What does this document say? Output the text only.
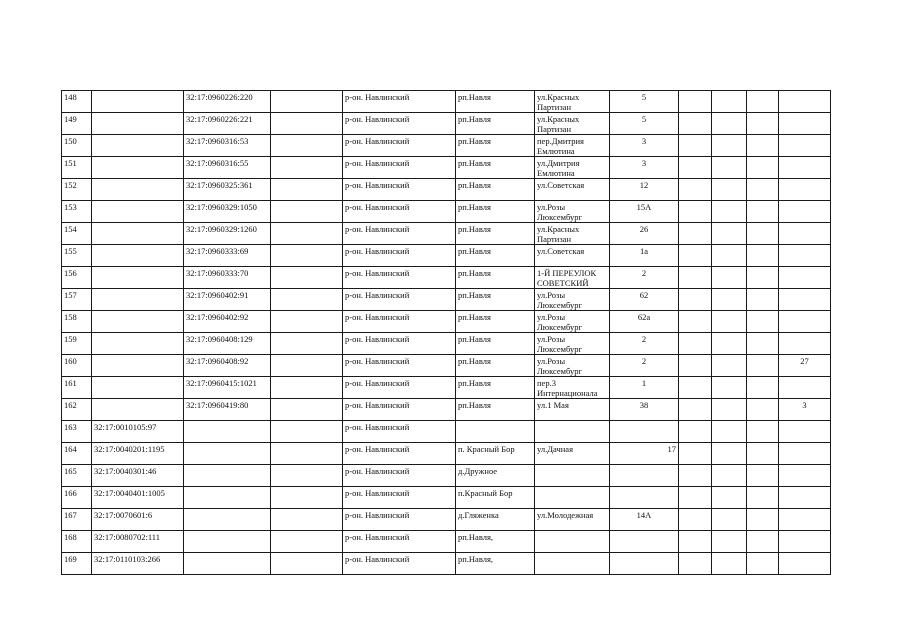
148		32:17:0960226:220		р-он. Навлинский	рп.Навля	ул.Красных Партизан	5				
149		32:17:0960226:221		р-он. Навлинский	рп.Навля	ул.Красных Партизан	5				
150		32:17:0960316:53		р-он. Навлинский	рп.Навля	пер.Дмитрия Емлютина	3				
151		32:17:0960316:55		р-он. Навлинский	рп.Навля	ул.Дмитрия Емлютина	3				
152		32:17:0960325:361		р-он. Навлинский	рп.Навля	ул.Советская	12				
153		32:17:0960329:1050		р-он. Навлинский	рп.Навля	ул.Розы Люксембург	15А				
154		32:17:0960329:1260		р-он. Навлинский	рп.Навля	ул.Красных Партизан	26				
155		32:17:0960333:69		р-он. Навлинский	рп.Навля	ул.Советская	1а				
156		32:17:0960333:70		р-он. Навлинский	рп.Навля	1-Й ПЕРЕУЛОК СОВЕТСКИЙ	2				
157		32:17:0960402:91		р-он. Навлинский	рп.Навля	ул.Розы Люксембург	62				
158		32:17:0960402:92		р-он. Навлинский	рп.Навля	ул.Розы Люксембург	62а				
159		32:17:0960408:129		р-он. Навлинский	рп.Навля	ул.Розы Люксембург	2				
160		32:17:0960408:92		р-он. Навлинский	рп.Навля	ул.Розы Люксембург	2				27
161		32:17:0960415:1021		р-он. Навлинский	рп.Навля	пер.3 Интернационала	1				
162		32:17:0960419:80		р-он. Навлинский	рп.Навля	ул.1 Мая	38				3
163	32:17:0010105:97			р-он. Навлинский							
164	32:17:0040201:1195			р-он. Навлинский	п. Красный Бор	ул.Дачная	17				
165	32:17:0040301:46			р-он. Навлинский	д.Дружное						
166	32:17:0040401:1005			р-он. Навлинский	п.Красный Бор						
167	32:17:0070601:6			р-он. Навлинский	д.Гляженка	ул.Молодежная	14А				
168	32:17:0080702:111			р-он. Навлинский	рп.Навля,						
169	32:17:0110103:266			р-он. Навлинский	рп.Навля,						
